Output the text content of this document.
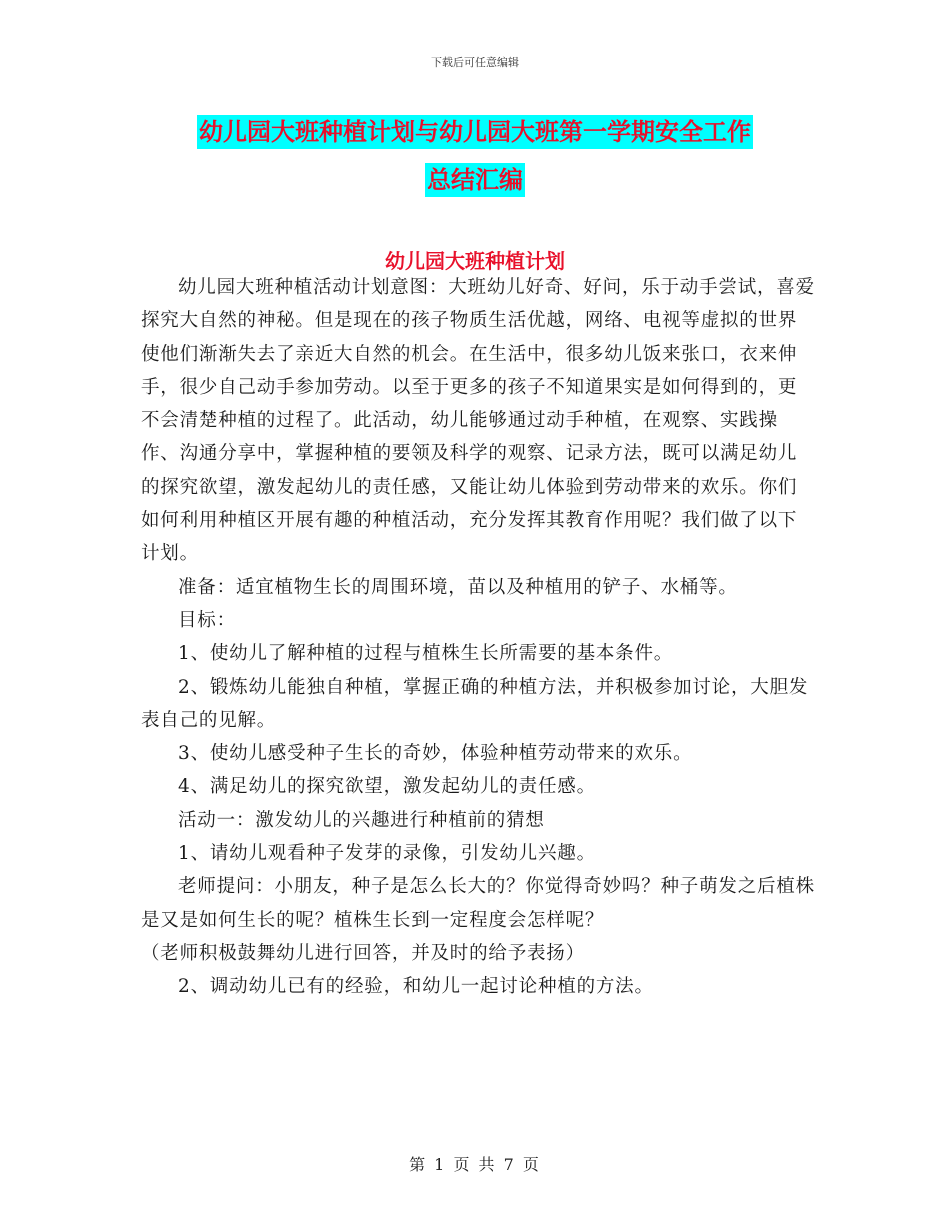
下载后可任意编辑
幼儿园大班种植计划与幼儿园大班第一学期安全工作
总结汇编
幼儿园大班种植计划

幼儿园大班种植活动计划意图：大班幼儿好奇、好问，乐于动手尝试，喜爱探究大自然的神秘。但是现在的孩子物质生活优越，网络、电视等虚拟的世界使他们渐渐失去了亲近大自然的机会。在生活中，很多幼儿饭来张口，衣来伸手，很少自己动手参加劳动。以至于更多的孩子不知道果实是如何得到的，更不会清楚种植的过程了。此活动，幼儿能够通过动手种植，在观察、实践操作、沟通分享中，掌握种植的要领及科学的观察、记录方法，既可以满足幼儿的探究欲望，激发起幼儿的责任感，又能让幼儿体验到劳动带来的欢乐。你们如何利用种植区开展有趣的种植活动，充分发挥其教育作用呢？我们做了以下计划。

准备：适宜植物生长的周围环境，苗以及种植用的铲子、水桶等。

目标：

1、使幼儿了解种植的过程与植株生长所需要的基本条件。

2、锻炼幼儿能独自种植，掌握正确的种植方法，并积极参加讨论，大胆发表自己的见解。

3、使幼儿感受种子生长的奇妙，体验种植劳动带来的欢乐。

4、满足幼儿的探究欲望，激发起幼儿的责任感。

活动一：激发幼儿的兴趣进行种植前的猜想

1、请幼儿观看种子发芽的录像，引发幼儿兴趣。

老师提问：小朋友，种子是怎么长大的？你觉得奇妙吗？种子萌发之后植株是又是如何生长的呢？植株生长到一定程度会怎样呢？

（老师积极鼓舞幼儿进行回答，并及时的给予表扬）

2、调动幼儿已有的经验，和幼儿一起讨论种植的方法。

第 1 页 共 7 页
